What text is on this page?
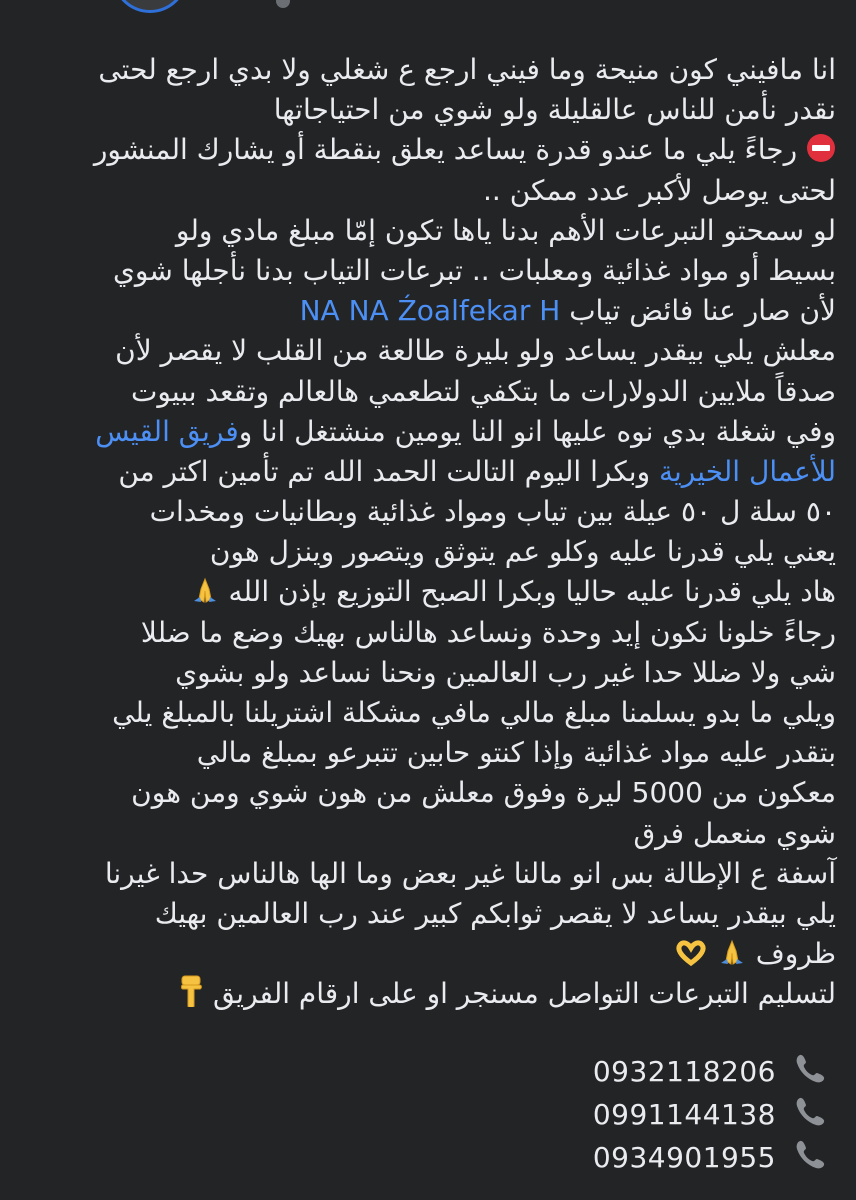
انا مافيني كون منيحة وما فيني ارجع ع شغلي ولا بدي ارجع لحتى
نقدر نأمن للناس عالقليلة ولو شوي من احتياجاتها
رجاءً يلي ما عندو قدرة يساعد يعلق بنقطة أو يشارك المنشور
لحتى يوصل لأكبر عدد ممكن ..
لو سمحتو التبرعات الأهم بدنا ياها تكون إمّا مبلغ مادي ولو
بسيط أو مواد غذائية ومعلبات .. تبرعات التياب بدنا نأجلها شوي
لأن صار عنا فائض تياب NA NA Źoalfekar H
معلش يلي بيقدر يساعد ولو بليرة طالعة من القلب لا يقصر لأن
صدقاً ملايين الدولارات ما بتكفي لتطعمي هالعالم وتقعد ببيوت
وفي شغلة بدي نوه عليها انو النا يومين منشتغل انا وفريق القيس
للأعمال الخيرية وبكرا اليوم التالت الحمد الله تم تأمين اكتر من
٥٠ سلة ل ٥٠ عيلة بين تياب ومواد غذائية وبطانيات ومخدات
يعني يلي قدرنا عليه وكلو عم يتوثق ويتصور وينزل هون
هاد يلي قدرنا عليه حاليا وبكرا الصبح التوزيع بإذن الله
رجاءً خلونا نكون إيد وحدة ونساعد هالناس بهيك وضع ما ضللا
شي ولا ضللا حدا غير رب العالمين ونحنا نساعد ولو بشوي
ويلي ما بدو يسلمنا مبلغ مالي مافي مشكلة اشتريلنا بالمبلغ يلي
بتقدر عليه مواد غذائية وإذا كنتو حابين تتبرعو بمبلغ مالي
معكون من 5000 ليرة وفوق معلش من هون شوي ومن هون
شوي منعمل فرق
آسفة ع الإطالة بس انو مالنا غير بعض وما الها هالناس حدا غيرنا
يلي بيقدر يساعد لا يقصر ثوابكم كبير عند رب العالمين بهيك
ظروف
لتسليم التبرعات التواصل مسنجر او على ارقام الفريق
0932118206
0991144138
0934901955
